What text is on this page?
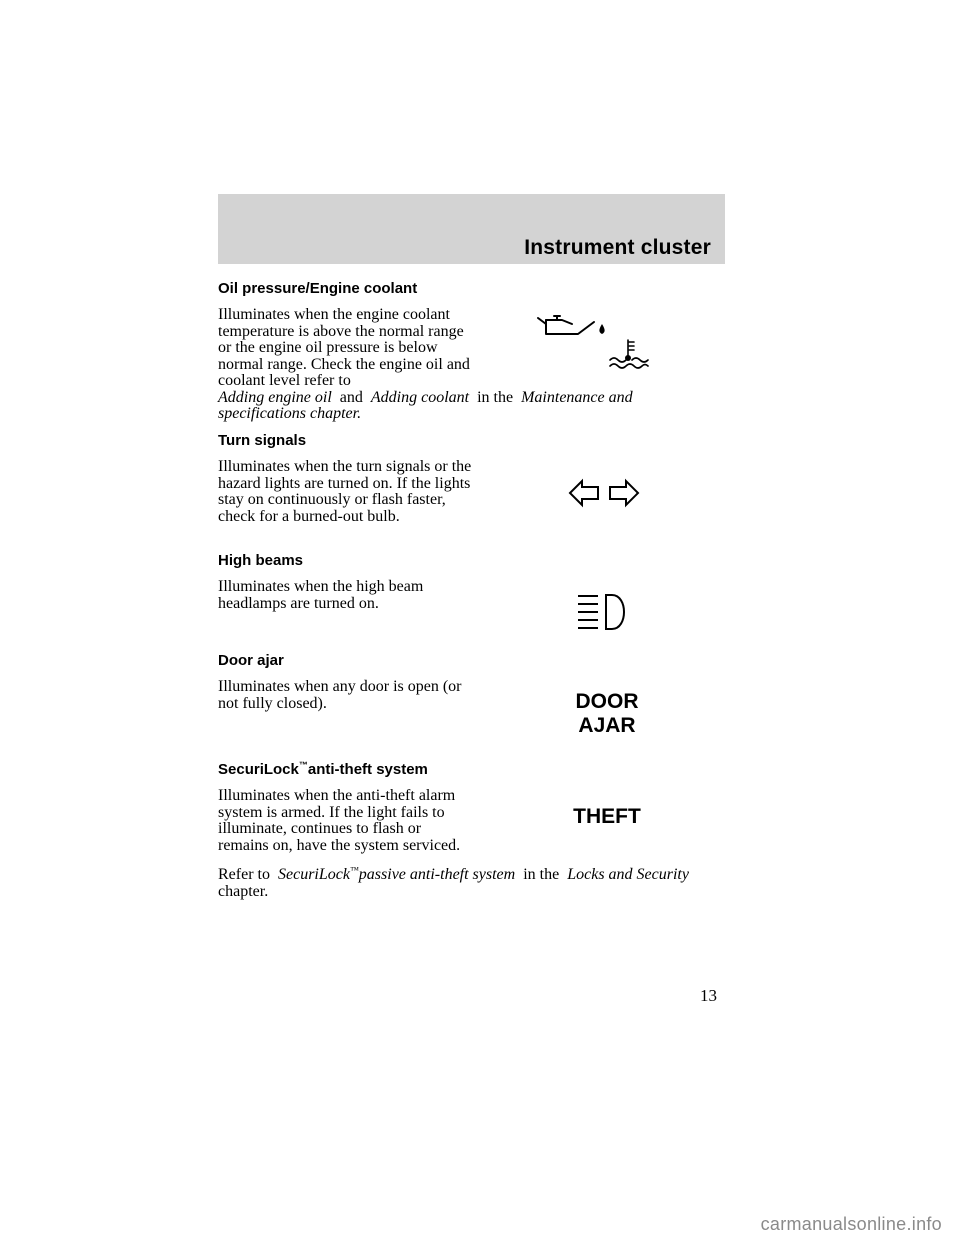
Instrument cluster
Oil pressure/Engine coolant

Illuminates when the engine coolant temperature is above the normal range or the engine oil pressure is below normal range. Check the engine oil and coolant level refer to
Adding engine oil and Adding coolant in the Maintenance and specifications chapter.

Turn signals

Illuminates when the turn signals or the hazard lights are turned on. If the lights stay on continuously or flash faster, check for a burned-out bulb.

High beams

Illuminates when the high beam headlamps are turned on.

Door ajar

Illuminates when any door is open (or not fully closed).	DOOR
AJAR
SecuriLock™anti-theft system

Illuminates when the anti-theft alarm system is armed. If the light fails to illuminate, continues to flash or remains on, have the system serviced.

Refer to SecuriLock™passive anti-theft system in the Locks and Securitychapter.

THEFT
13
carmanualsonline.info
